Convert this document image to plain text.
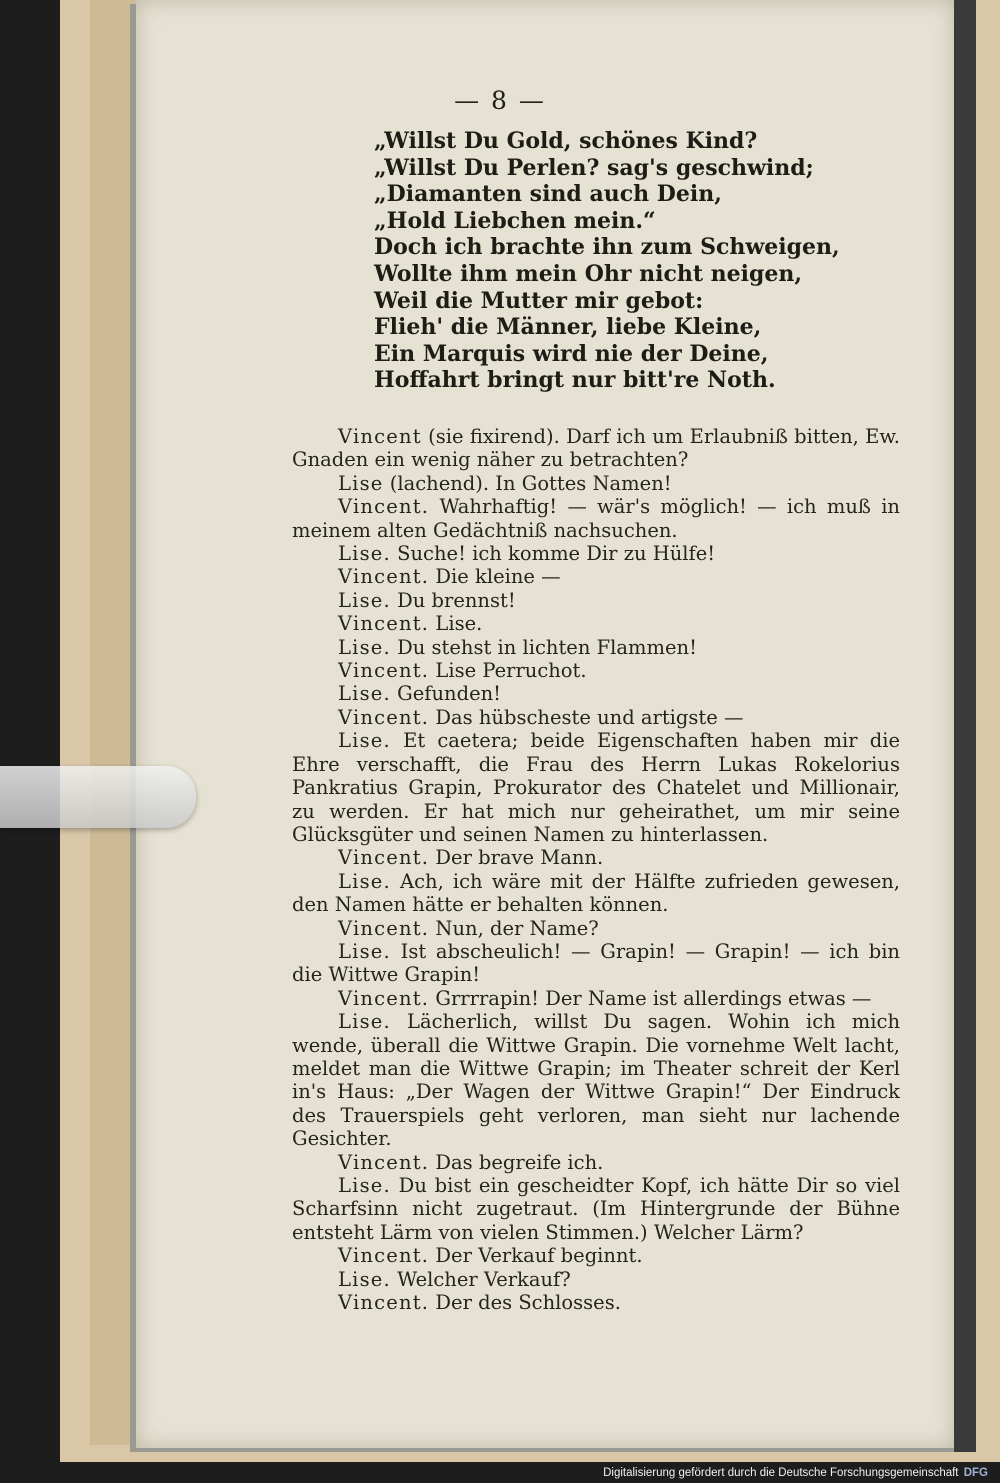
— 8 —
„Willst Du Gold, schönes Kind?
„Willst Du Perlen? sag's geschwind;
„Diamanten sind auch Dein,
„Hold Liebchen mein.“
Doch ich brachte ihn zum Schweigen,
Wollte ihm mein Ohr nicht neigen,
Weil die Mutter mir gebot:
Flieh' die Männer, liebe Kleine,
Ein Marquis wird nie der Deine,
Hoffahrt bringt nur bitt're Noth.

Vincent (sie fixirend). Darf ich um Erlaubniß bitten, Ew. Gnaden ein wenig näher zu betrachten?

Lise (lachend). In Gottes Namen!

Vincent. Wahrhaftig! — wär's möglich! — ich muß in meinem alten Gedächtniß nachsuchen.

Lise. Suche! ich komme Dir zu Hülfe!

Vincent. Die kleine —

Lise. Du brennst!

Vincent. Lise.

Lise. Du stehst in lichten Flammen!

Vincent. Lise Perruchot.

Lise. Gefunden!

Vincent. Das hübscheste und artigste —

Lise. Et caetera; beide Eigenschaften haben mir die Ehre verschafft, die Frau des Herrn Lukas Rokelorius Pankratius Grapin, Prokurator des Chatelet und Millionair, zu werden. Er hat mich nur geheirathet, um mir seine Glücksgüter und seinen Namen zu hinterlassen.

Vincent. Der brave Mann.

Lise. Ach, ich wäre mit der Hälfte zufrieden gewesen, den Namen hätte er behalten können.

Vincent. Nun, der Name?

Lise. Ist abscheulich! — Grapin! — Grapin! — ich bin die Wittwe Grapin!

Vincent. Grrrrapin! Der Name ist allerdings etwas —

Lise. Lächerlich, willst Du sagen. Wohin ich mich wende, überall die Wittwe Grapin. Die vornehme Welt lacht, meldet man die Wittwe Grapin; im Theater schreit der Kerl in's Haus: „Der Wagen der Wittwe Grapin!“ Der Eindruck des Trauerspiels geht verloren, man sieht nur lachende Gesichter.

Vincent. Das begreife ich.

Lise. Du bist ein gescheidter Kopf, ich hätte Dir so viel Scharfsinn nicht zugetraut. (Im Hintergrunde der Bühne entsteht Lärm von vielen Stimmen.) Welcher Lärm?

Vincent. Der Verkauf beginnt.

Lise. Welcher Verkauf?

Vincent. Der des Schlosses.

Digitalisierung gefördert durch die Deutsche Forschungsgemeinschaft DFG
